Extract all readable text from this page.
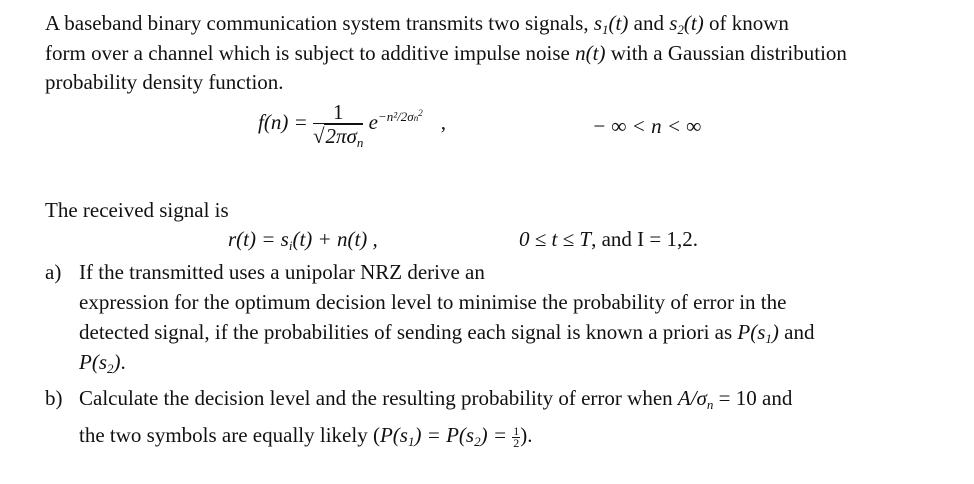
A baseband binary communication system transmits two signals, $s_1(t)$ and $s_2(t)$ of known
form over a channel which is subject to additive impulse noise n(t) with a Gaussian distribution
probability density function.
$f(n) = \frac{1}{√2\pi\sigma_n} e^{-n^2/2\sigma n^2}$ ,	− ∞ < n < ∞
The received signal is
$r(t) = s_i(t) + n(t)$ ,	0 ≤ t ≤ T, and I = 1,2.
a) If the transmitted uses a unipolar NRZ derive an
expression for the optimum decision level to minimise the probability of error in the
detected signal, if the probabilities of sending each signal is known a priori as $P(s_1)$ and
$P(s_2)$.
b) Calculate the decision level and the resulting probability of error when $A/\sigma_n = 10$ and
the two symbols are equally likely ($P(s_1) = P(s_2) = \frac{1}{2}$ ).
